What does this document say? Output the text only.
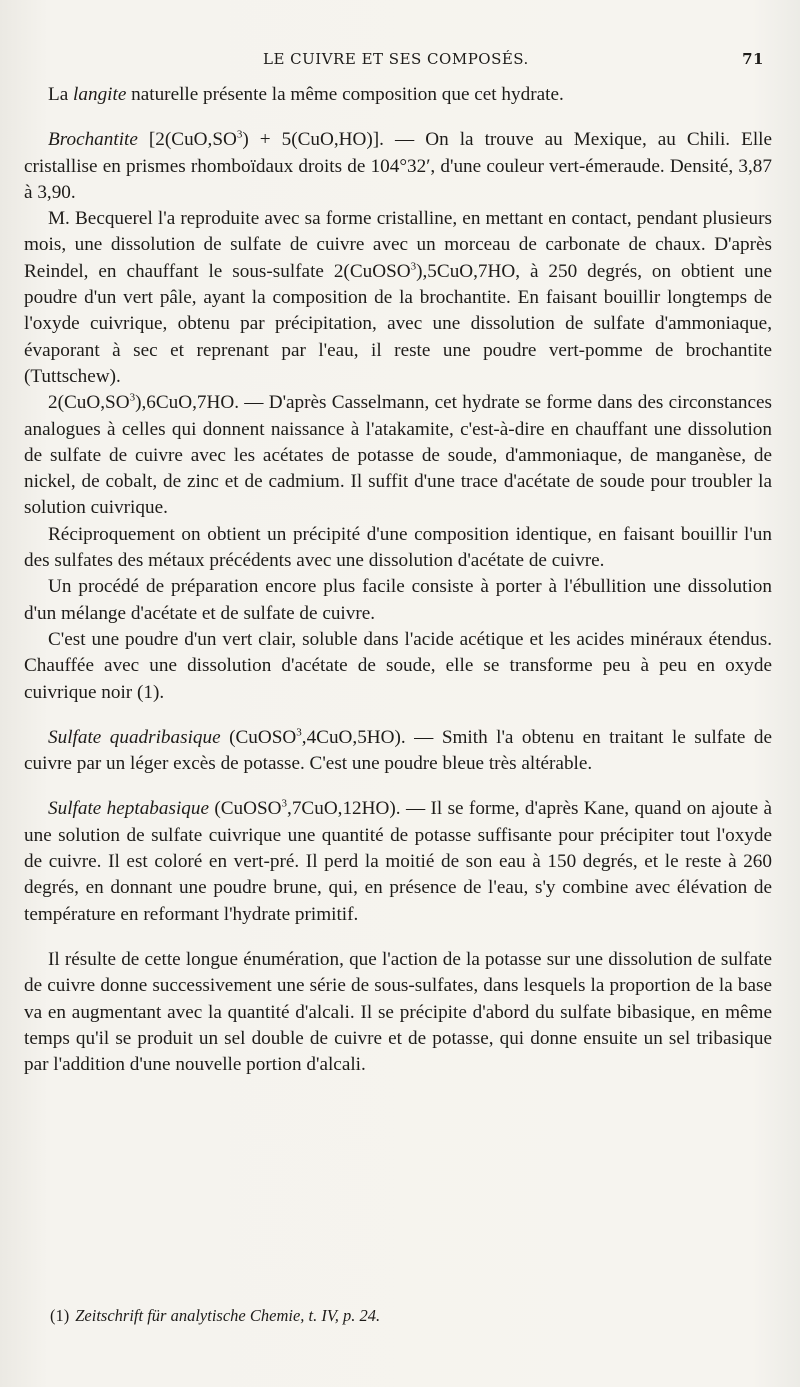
LE CUIVRE ET SES COMPOSÉS.	71

La langite naturelle présente la même composition que cet hydrate.

Brochantite $[2(CuO,SO^3) + 5(CuO,HO)]$. — On la trouve au Mexique, au Chili. Elle cristallise en prismes rhomboïdaux droits de 104°32′, d'une couleur vert-émeraude. Densité, 3,87 à 3,90.

M. Becquerel l'a reproduite avec sa forme cristalline, en mettant en contact, pendant plusieurs mois, une dissolution de sulfate de cuivre avec un morceau de carbonate de chaux. D'après Reindel, en chauffant le sous-sulfate 2(CuOSO$^3$),5CuO,7HO, à 250 degrés, on obtient une poudre d'un vert pâle, ayant la composition de la brochantite. En faisant bouillir longtemps de l'oxyde cuivrique, obtenu par précipitation, avec une dissolution de sulfate d'ammoniaque, évaporant à sec et reprenant par l'eau, il reste une poudre vert-pomme de brochantite (Tuttschew).

$2(CuO,SO^3),6CuO,7HO$. — D'après Casselmann, cet hydrate se forme dans des circonstances analogues à celles qui donnent naissance à l'atakamite, c'est-à-dire en chauffant une dissolution de sulfate de cuivre avec les acétates de potasse de soude, d'ammoniaque, de manganèse, de nickel, de cobalt, de zinc et de cadmium. Il suffit d'une trace d'acétate de soude pour troubler la solution cuivrique.

Réciproquement on obtient un précipité d'une composition identique, en faisant bouillir l'un des sulfates des métaux précédents avec une dissolution d'acétate de cuivre.

Un procédé de préparation encore plus facile consiste à porter à l'ébullition une dissolution d'un mélange d'acétate et de sulfate de cuivre.

C'est une poudre d'un vert clair, soluble dans l'acide acétique et les acides minéraux étendus. Chauffée avec une dissolution d'acétate de soude, elle se transforme peu à peu en oxyde cuivrique noir (1).

Sulfate quadribasique (CuOSO$^3$,4CuO,5HO). — Smith l'a obtenu en traitant le sulfate de cuivre par un léger excès de potasse. C'est une poudre bleue très altérable.

Sulfate heptabasique (CuOSO$^3$,7CuO,12HO). — Il se forme, d'après Kane, quand on ajoute à une solution de sulfate cuivrique une quantité de potasse suffisante pour précipiter tout l'oxyde de cuivre. Il est coloré en vert-pré. Il perd la moitié de son eau à 150 degrés, et le reste à 260 degrés, en donnant une poudre brune, qui, en présence de l'eau, s'y combine avec élévation de température en reformant l'hydrate primitif.

Il résulte de cette longue énumération, que l'action de la potasse sur une dissolution de sulfate de cuivre donne successivement une série de sous-sulfates, dans lesquels la proportion de la base va en augmentant avec la quantité d'alcali. Il se précipite d'abord du sulfate bibasique, en même temps qu'il se produit un sel double de cuivre et de potasse, qui donne ensuite un sel tribasique par l'addition d'une nouvelle portion d'alcali.

(1) Zeitschrift für analytische Chemie, t. IV, p. 24.
